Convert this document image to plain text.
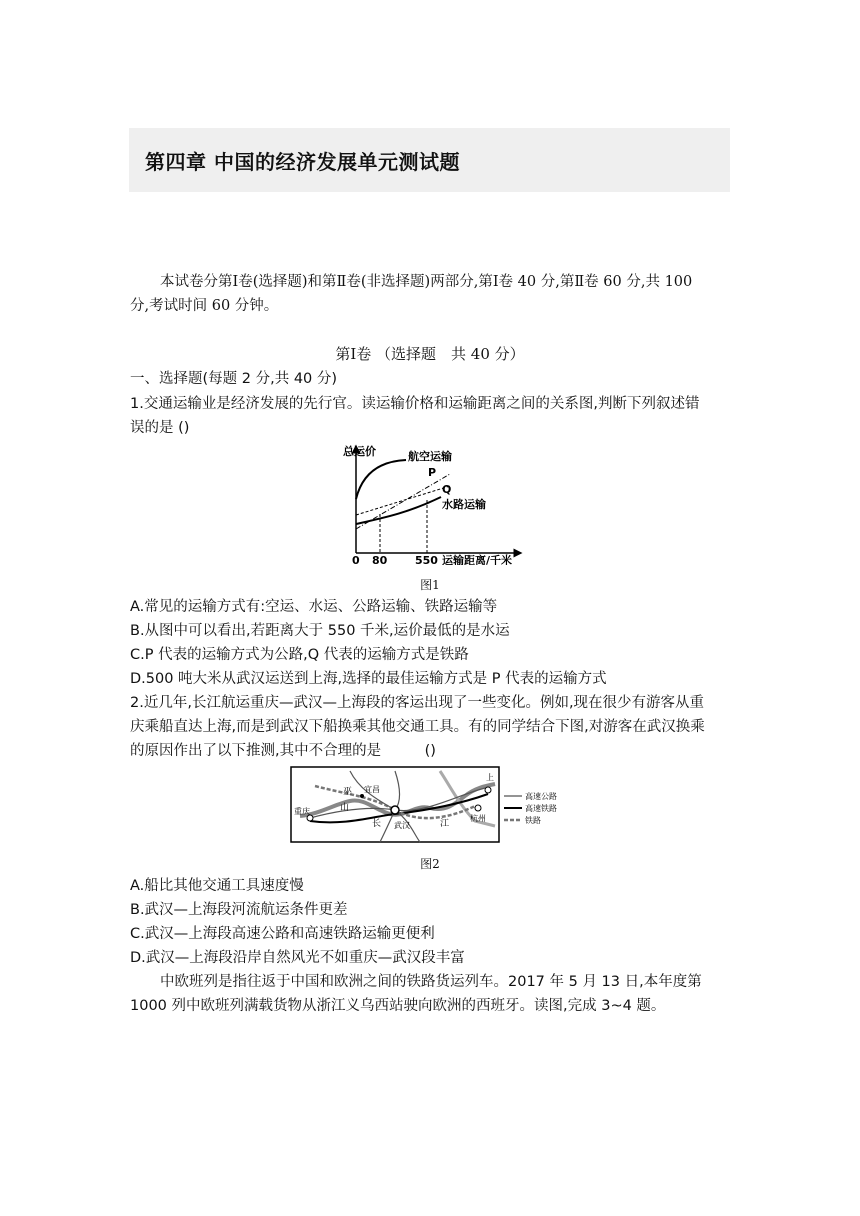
第四章 中国的经济发展单元测试题
本试卷分第Ⅰ卷(选择题)和第Ⅱ卷(非选择题)两部分,第Ⅰ卷 40 分,第Ⅱ卷 60 分,共 100
分,考试时间 60 分钟。
第Ⅰ卷 （选择题　共 40 分）
一、选择题(每题 2 分,共 40 分)
1.交通运输业是经济发展的先行官。读运输价格和运输距离之间的关系图,判断下列叙述错
误的是 ()
总运价	航空运输
P
Q
水路运输
0 80	550 运输距离/千米
图1
A.常见的运输方式有:空运、水运、公路运输、铁路运输等
B.从图中可以看出,若距离大于 550 千米,运价最低的是水运
C.P 代表的运输方式为公路,Q 代表的运输方式是铁路
D.500 吨大米从武汉运送到上海,选择的最佳运输方式是 P 代表的运输方式
2.近几年,长江航运重庆—武汉—上海段的客运出现了一些变化。例如,现在很少有游客从重
庆乘船直达上海,而是到武汉下船换乘其他交通工具。有的同学结合下图,对游客在武汉换乘
的原因作出了以下推测,其中不合理的是　　　()
重庆
宜昌
武汉
杭州
上
巫
山
长	江
高速公路
高速铁路
铁路
图2
A.船比其他交通工具速度慢
B.武汉—上海段河流航运条件更差
C.武汉—上海段高速公路和高速铁路运输更便利
D.武汉—上海段沿岸自然风光不如重庆—武汉段丰富
中欧班列是指往返于中国和欧洲之间的铁路货运列车。2017 年 5 月 13 日,本年度第
1000 列中欧班列满载货物从浙江义乌西站驶向欧洲的西班牙。读图,完成 3~4 题。
